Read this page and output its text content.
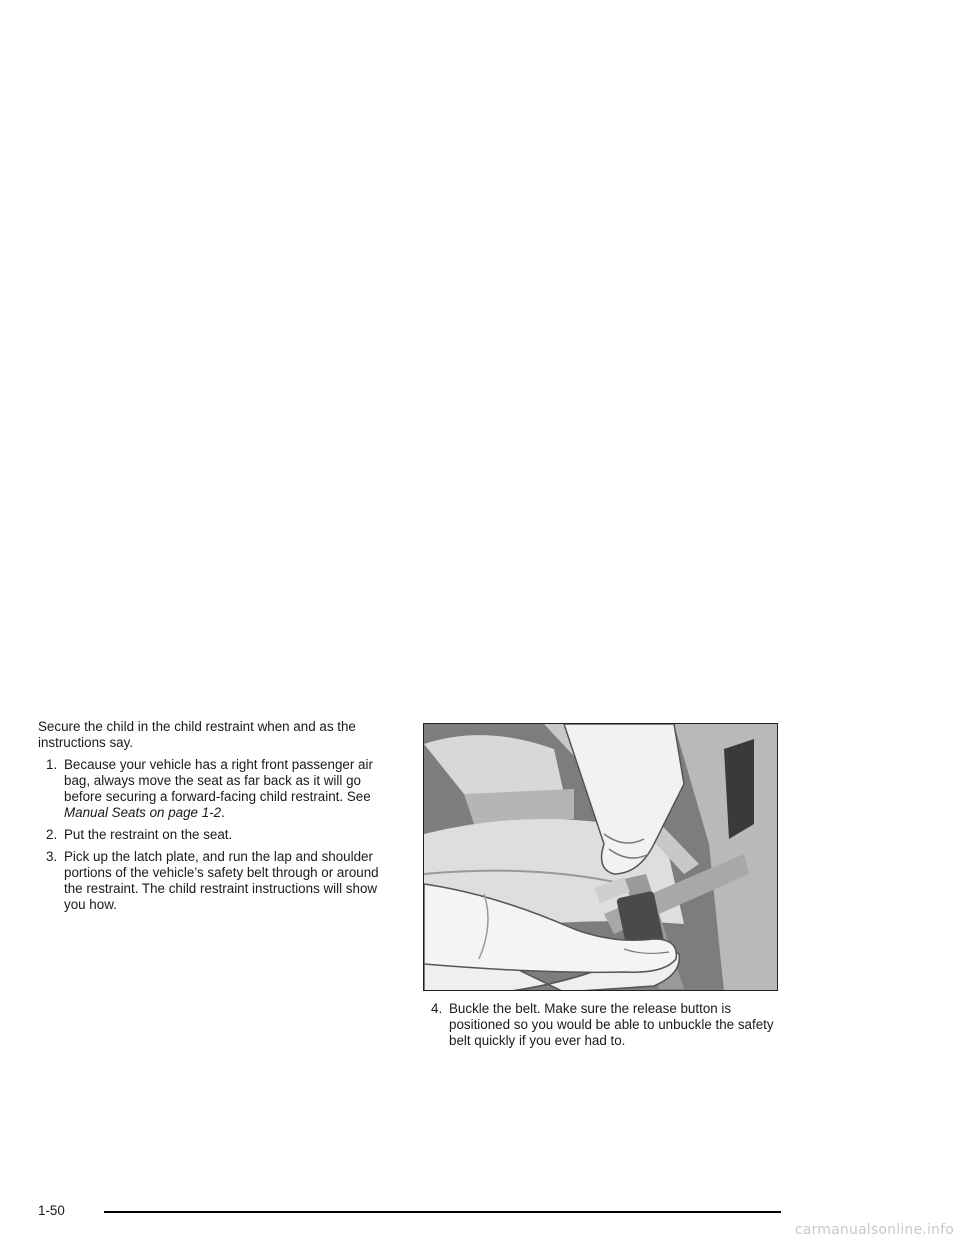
Secure the child in the child restraint when and as the instructions say.

1. Because your vehicle has a right front passenger air bag, always move the seat as far back as it will go before securing a forward-facing child restraint. See Manual Seats on page 1-2.
2. Put the restraint on the seat.
3. Pick up the latch plate, and run the lap and shoulder portions of the vehicle’s safety belt through or around the restraint. The child restraint instructions will show you how.
4. Buckle the belt. Make sure the release button is positioned so you would be able to unbuckle the safety belt quickly if you ever had to.
1-50
carmanualsonline.info
